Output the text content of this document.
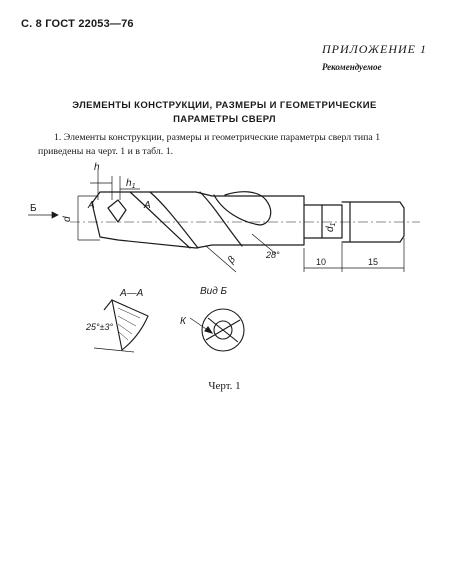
С. 8 ГОСТ 22053—76
ПРИЛОЖЕНИЕ 1
Рекомендуемое
ЭЛЕМЕНТЫ КОНСТРУКЦИИ, РАЗМЕРЫ И ГЕОМЕТРИЧЕСКИЕ
ПАРАМЕТРЫ СВЕРЛ
1. Элементы конструкции, размеры и геометрические параметры сверл типа 1
приведены на черт. 1 и в табл. 1.
h
$h_1$
Б
d
А	А
$d_1$
β	28°
10	15
А—А	Вид Б
К
25°±3°
Черт. 1
